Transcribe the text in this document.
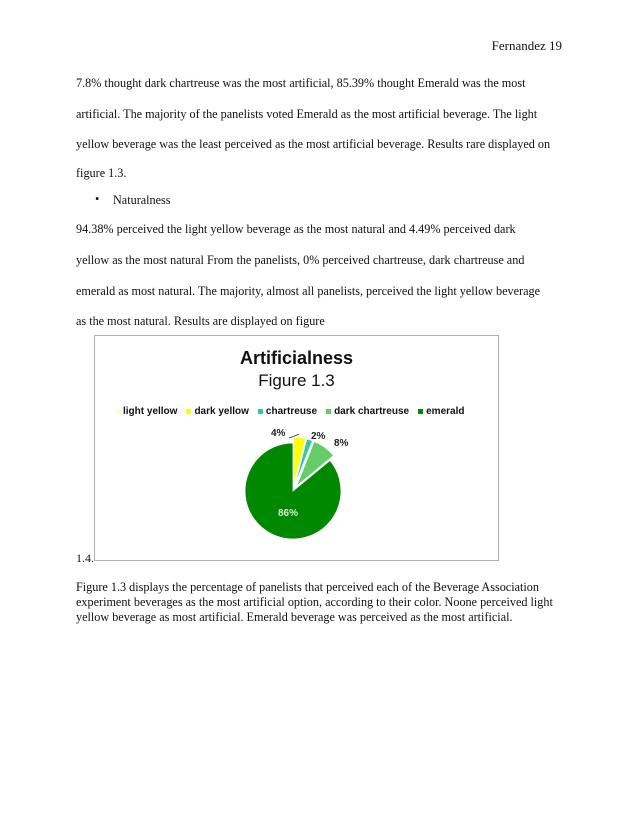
Fernandez 19
7.8% thought dark chartreuse was the most artificial, 85.39% thought Emerald was the most
artificial. The majority of the panelists voted Emerald as the most artificial beverage. The light
yellow beverage was the least perceived as the most artificial beverage. Results rare displayed on
figure 1.3.
• Naturalness
94.38% perceived the light yellow beverage as the most natural and 4.49% perceived dark
yellow as the most natural From the panelists, 0% perceived chartreuse, dark chartreuse and
emerald as most natural. The majority, almost all panelists, perceived the light yellow beverage
as the most natural. Results are displayed on figure
Artificialness
Figure 1.3
light yellow dark yellow chartreuse dark chartreuse emerald
4%	2%
8%
86%
1.4.
Figure 1.3 displays the percentage of panelists that perceived each of the Beverage Association experiment beverages as the most artificial option, according to their color. Noone perceived light yellow beverage as most artificial. Emerald beverage was perceived as the most artificial.
